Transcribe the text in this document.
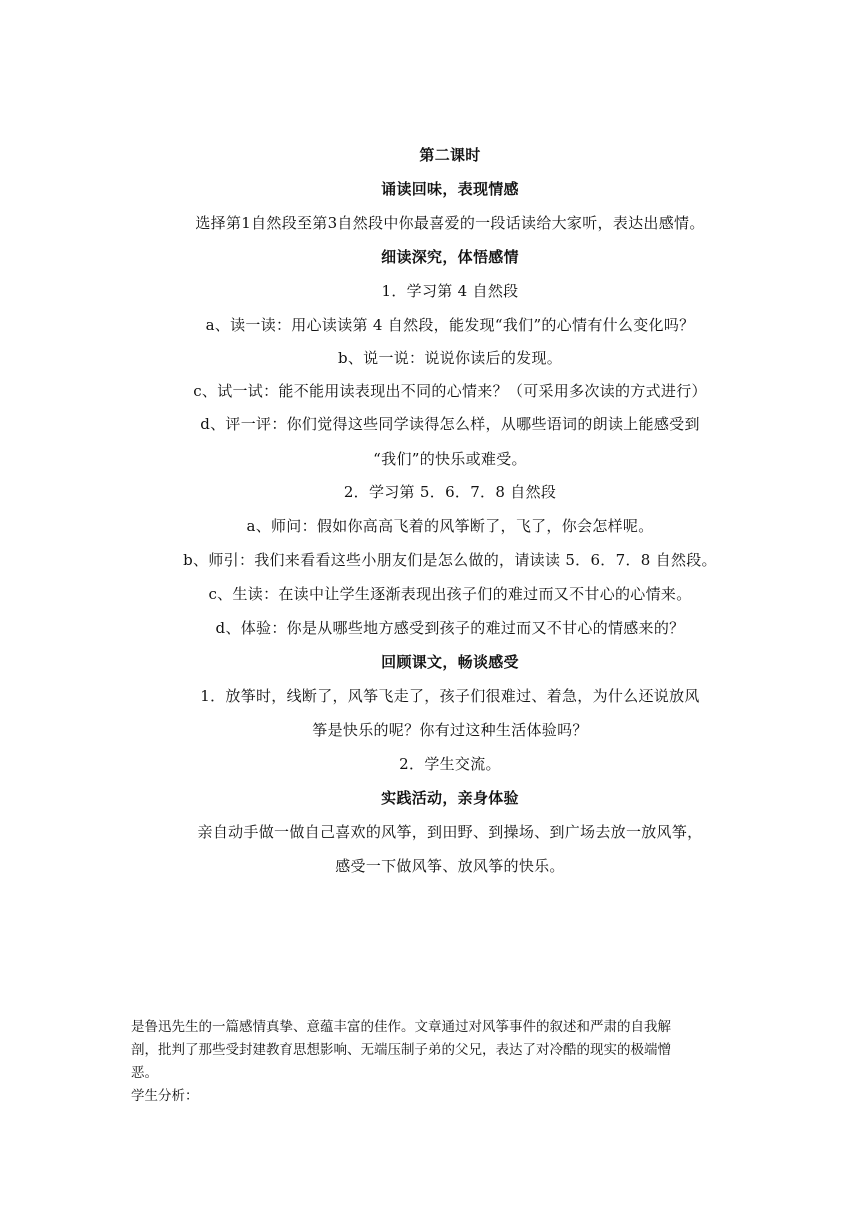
第二课时
诵读回味，表现情感
选择第1自然段至第3自然段中你最喜爱的一段话读给大家听，表达出感情。
细读深究，体悟感情
1．学习第 4 自然段
a、读一读：用心读读第 4 自然段，能发现“我们”的心情有什么变化吗？
b、说一说：说说你读后的发现。
c、试一试：能不能用读表现出不同的心情来？（可采用多次读的方式进行）
d、评一评：你们觉得这些同学读得怎么样，从哪些语词的朗读上能感受到
“我们”的快乐或难受。
2．学习第 5．6．7．8 自然段
a、师问：假如你高高飞着的风筝断了，飞了，你会怎样呢。
b、师引：我们来看看这些小朋友们是怎么做的，请读读 5．6．7．8 自然段。
c、生读：在读中让学生逐渐表现出孩子们的难过而又不甘心的心情来。
d、体验：你是从哪些地方感受到孩子的难过而又不甘心的情感来的？
回顾课文，畅谈感受
1．放筝时，线断了，风筝飞走了，孩子们很难过、着急，为什么还说放风
筝是快乐的呢？你有过这种生活体验吗？
2．学生交流。
实践活动，亲身体验
亲自动手做一做自己喜欢的风筝，到田野、到操场、到广场去放一放风筝，
感受一下做风筝、放风筝的快乐。
是鲁迅先生的一篇感情真挚、意蕴丰富的佳作。文章通过对风筝事件的叙述和严肃的自我解
剖，批判了那些受封建教育思想影响、无端压制子弟的父兄，表达了对冷酷的现实的极端憎
恶。
学生分析：
